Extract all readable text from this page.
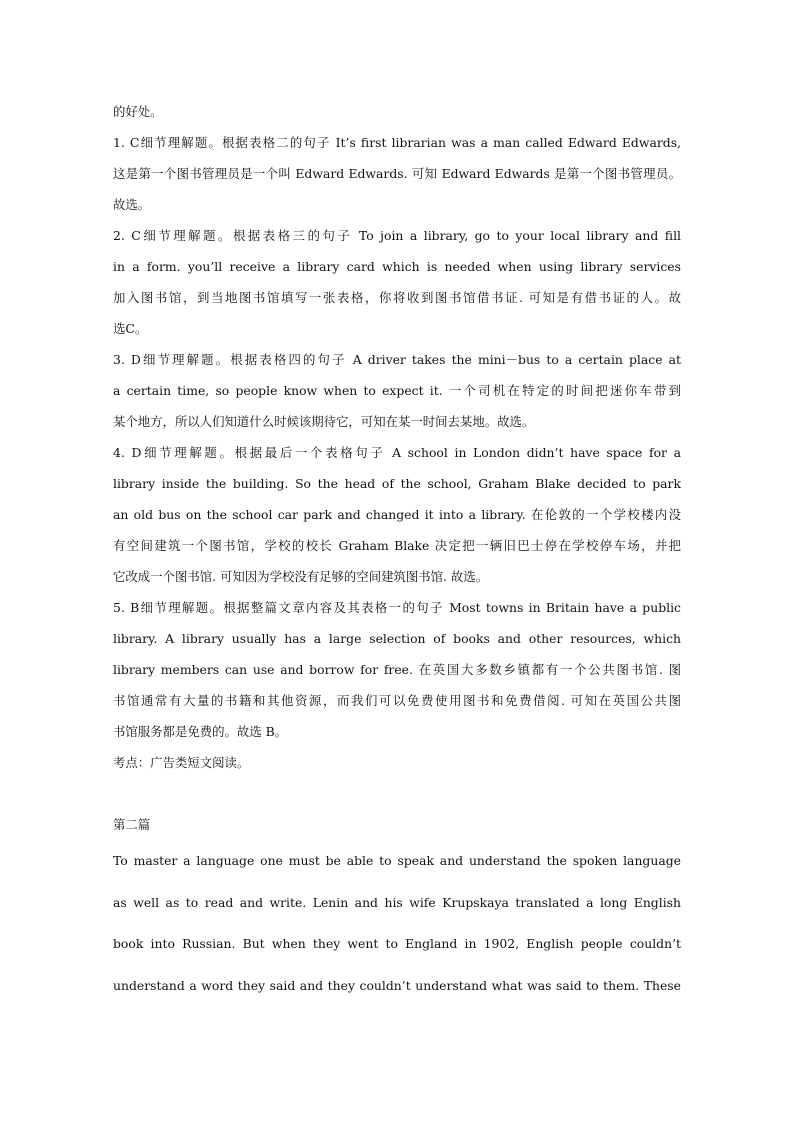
的好处。
1. C细节理解题。根据表格二的句子 It’s first librarian was a man called Edward Edwards,
这是第一个图书管理员是一个叫 Edward Edwards. 可知 Edward Edwards 是第一个图书管理员。
故选。
2. C细节理解题。根据表格三的句子 To join a library, go to your local library and fill
in a form. you’ll receive a library card which is needed when using library services
加入图书馆，到当地图书馆填写一张表格，你将收到图书馆借书证. 可知是有借书证的人。故
选C。
3. D细节理解题。根据表格四的句子 A driver takes the mini－bus to a certain place at
a certain time, so people know when to expect it. 一个司机在特定的时间把迷你车带到
某个地方，所以人们知道什么时候该期待它，可知在某一时间去某地。故选。
4. D细节理解题。根据最后一个表格句子 A school in London didn’t have space for a
library inside the building. So the head of the school, Graham Blake decided to park
an old bus on the school car park and changed it into a library. 在伦敦的一个学校楼内没
有空间建筑一个图书馆，学校的校长 Graham Blake 决定把一辆旧巴士停在学校停车场，并把
它改成一个图书馆. 可知因为学校没有足够的空间建筑图书馆. 故选。
5. B细节理解题。根据整篇文章内容及其表格一的句子 Most towns in Britain have a public
library. A library usually has a large selection of books and other resources, which
library members can use and borrow for free. 在英国大多数乡镇都有一个公共图书馆. 图
书馆通常有大量的书籍和其他资源，而我们可以免费使用图书和免费借阅. 可知在英国公共图
书馆服务都是免费的。故选 B。
考点：广告类短文阅读。
第二篇
To master a language one must be able to speak and understand the spoken language
as well as to read and write. Lenin and his wife Krupskaya translated a long English
book into Russian. But when they went to England in 1902, English people couldn’t
understand a word they said and they couldn’t understand what was said to them. These
